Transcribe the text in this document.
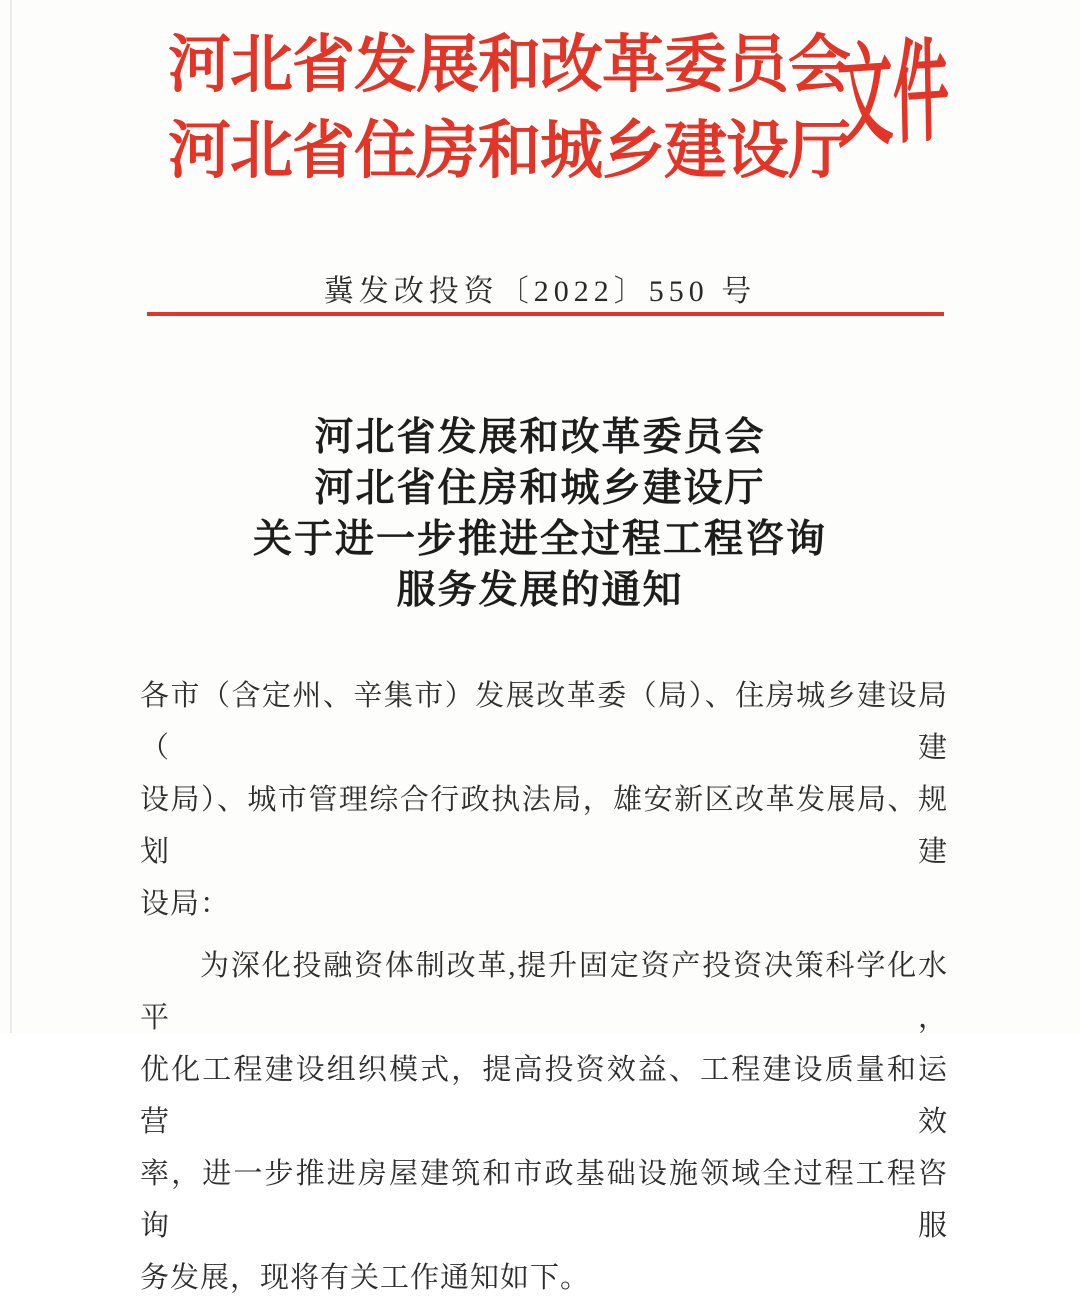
河北省发展和改革委员会
河北省住房和城乡建设厅
文件
冀发改投资〔2022〕550 号
河北省发展和改革委员会
河北省住房和城乡建设厅
关于进一步推进全过程工程咨询
服务发展的通知
各市（含定州、辛集市）发展改革委（局）、住房城乡建设局（建
设局）、城市管理综合行政执法局，雄安新区改革发展局、规划建
设局：
为深化投融资体制改革,提升固定资产投资决策科学化水平，
优化工程建设组织模式，提高投资效益、工程建设质量和运营效
率，进一步推进房屋建筑和市政基础设施领域全过程工程咨询服
务发展，现将有关工作通知如下。
